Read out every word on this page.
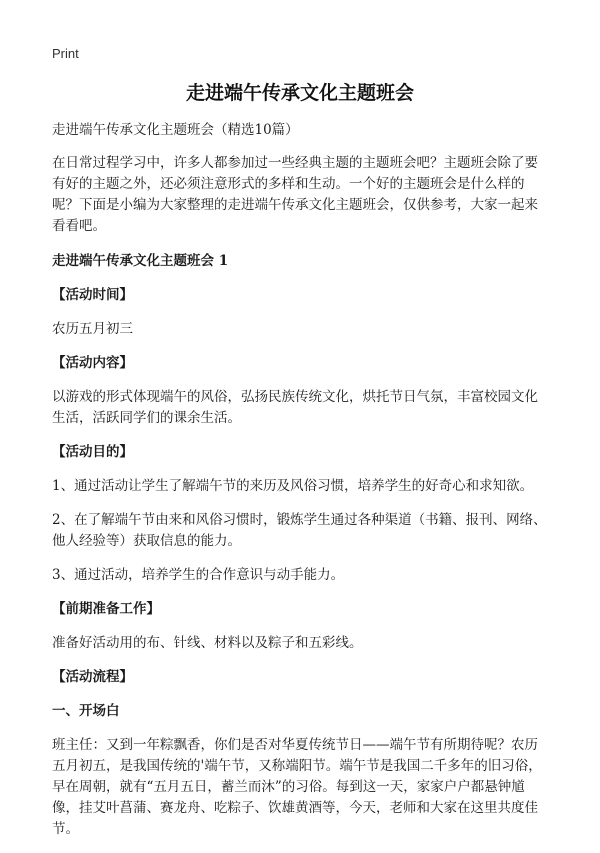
Print
走进端午传承文化主题班会

走进端午传承文化主题班会（精选10篇）

在日常过程学习中，许多人都参加过一些经典主题的主题班会吧？主题班会除了要有好的主题之外，还必须注意形式的多样和生动。一个好的主题班会是什么样的呢？下面是小编为大家整理的走进端午传承文化主题班会，仅供参考，大家一起来看看吧。

走进端午传承文化主题班会 1

【活动时间】

农历五月初三

【活动内容】

以游戏的形式体现端午的风俗，弘扬民族传统文化，烘托节日气氛，丰富校园文化生活，活跃同学们的课余生活。

【活动目的】

1、通过活动让学生了解端午节的来历及风俗习惯，培养学生的好奇心和求知欲。

2、在了解端午节由来和风俗习惯时，锻炼学生通过各种渠道（书籍、报刊、网络、他人经验等）获取信息的能力。

3、通过活动，培养学生的合作意识与动手能力。

【前期准备工作】

准备好活动用的布、针线、材料以及粽子和五彩线。

【活动流程】

一、开场白

班主任：又到一年粽飘香，你们是否对华夏传统节日——端午节有所期待呢？农历五月初五，是我国传统的'端午节，又称端阳节。端午节是我国二千多年的旧习俗，早在周朝，就有“五月五日，蓄兰而沐”的习俗。每到这一天，家家户户都悬钟馗像，挂艾叶菖蒲、赛龙舟、吃粽子、饮雄黄酒等，今天，老师和大家在这里共度佳节。
